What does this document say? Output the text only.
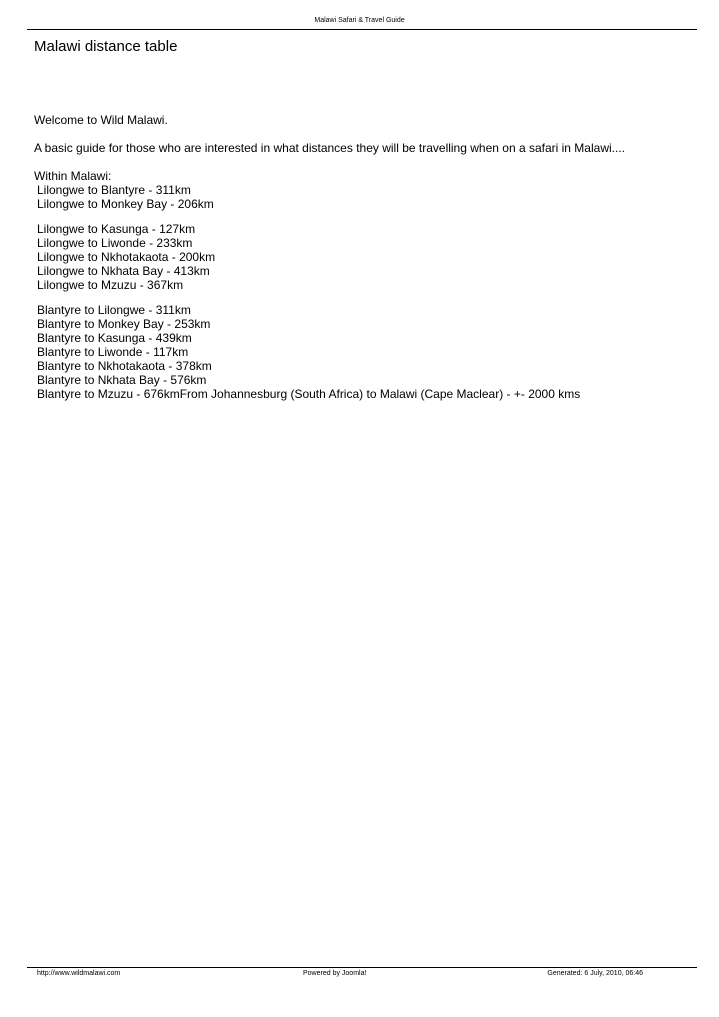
Malawi Safari & Travel Guide
Malawi distance table

Welcome to Wild Malawi.

A basic guide for those who are interested in what distances they will be travelling when on a safari in Malawi....

Within Malawi:

Lilongwe to Blantyre - 311km
Lilongwe to Monkey Bay - 206km
Lilongwe to Kasunga - 127km
Lilongwe to Liwonde - 233km
Lilongwe to Nkhotakaota - 200km
Lilongwe to Nkhata Bay - 413km
Lilongwe to Mzuzu - 367km
Blantyre to Lilongwe - 311km
Blantyre to Monkey Bay - 253km
Blantyre to Kasunga - 439km
Blantyre to Liwonde - 117km
Blantyre to Nkhotakaota - 378km
Blantyre to Nkhata Bay - 576km
Blantyre to Mzuzu - 676kmFrom Johannesburg (South Africa) to Malawi (Cape Maclear) - +- 2000 kms
http://www.wildmalawi.com	Powered by Joomla!	Generated: 6 July, 2010, 06:46
